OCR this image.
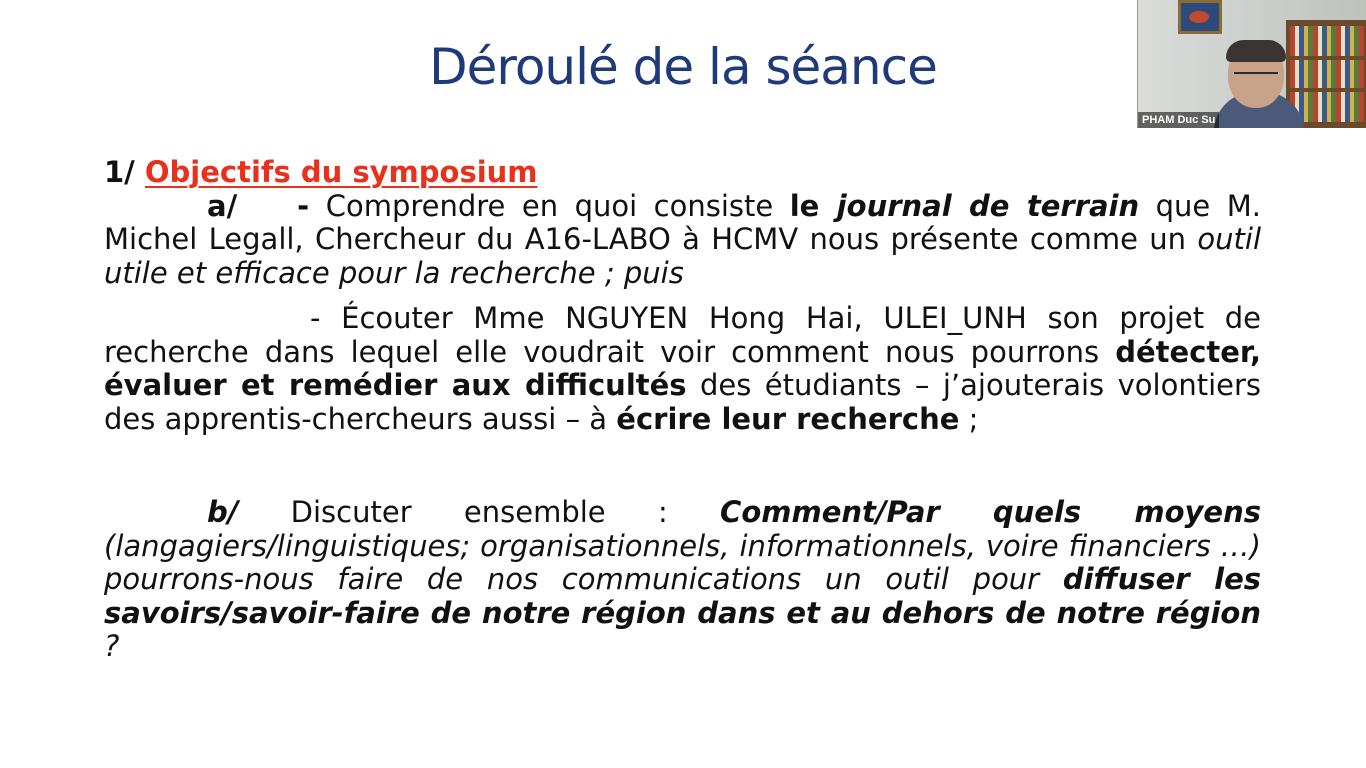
Déroulé de la séance

1/ Objectifs du symposium

a/ - Comprendre en quoi consiste le journal de terrain que M. Michel Legall, Chercheur du A16-LABO à HCMV nous présente comme un outil utile et efficace pour la recherche ; puis

- Écouter Mme NGUYEN Hong Hai, ULEI_UNH son projet de recherche dans lequel elle voudrait voir comment nous pourrons détecter, évaluer et remédier aux difficultés des étudiants – j’ajouterais volontiers des apprentis-chercheurs aussi – à écrire leur recherche ;

b/ Discuter ensemble : Comment/Par quels moyens (langagiers/linguistiques; organisationnels, informationnels, voire financiers …) pourrons-nous faire de nos communications un outil pour diffuser les savoirs/savoir-faire de notre région dans et au dehors de notre région ?

PHAM Duc Su
